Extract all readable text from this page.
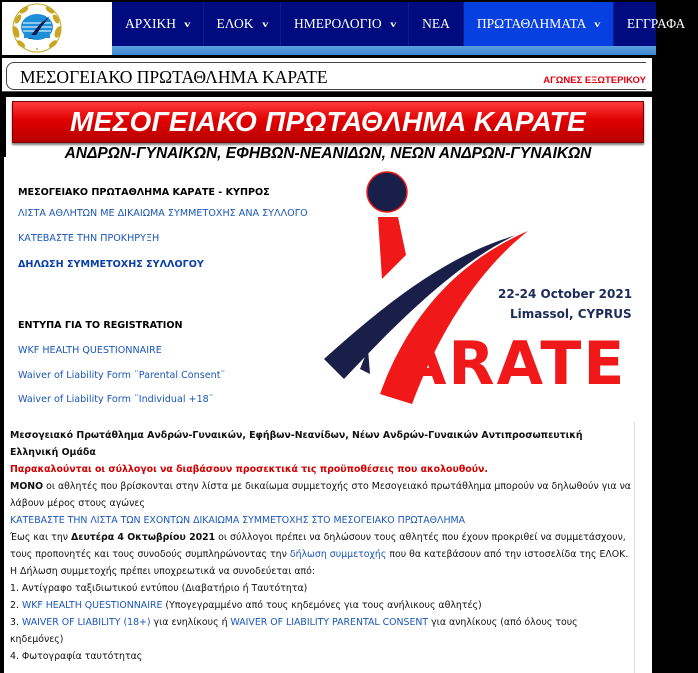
ΑΡΧΙΚΗ v ΕΛΟΚ v ΗΜΕΡΟΛΟΓΙΟ v ΝΕΑ ΠΡΩΤΑΘΛΗΜΑΤΑ v ΕΓΓΡΑΦΑ
ΜΕΣΟΓΕΙΑΚΟ ΠΡΩΤΑΘΛΗΜΑ ΚΑΡΑΤΕ	ΑΓΩΝΕΣ ΕΞΩΤΕΡΙΚΟΥ
ΜΕΣΟΓΕΙΑΚΟ ΠΡΩΤΑΘΛΗΜΑ ΚΑΡΑΤΕ
ΑΝΔΡΩΝ-ΓΥΝΑΙΚΩΝ, ΕΦΗΒΩΝ-ΝΕΑΝΙΔΩΝ, ΝΕΩΝ ΑΝΔΡΩΝ-ΓΥΝΑΙΚΩΝ
ΜΕΣΟΓΕΙΑΚΟ ΠΡΩΤΑΘΛΗΜΑ ΚΑΡΑΤΕ - ΚΥΠΡΟΣ
ΛΙΣΤΑ ΑΘΛΗΤΩΝ ΜΕ ΔΙΚΑΙΩΜΑ ΣΥΜΜΕΤΟΧΗΣ ΑΝΑ ΣΥΛΛΟΓΟ
ΚΑΤΕΒΑΣΤΕ ΤΗΝ ΠΡΟΚΗΡΥΞΗ
ΔΗΛΩΣΗ ΣΥΜΜΕΤΟΧΗΣ ΣΥΛΛΟΓΟΥ
ΕΝΤΥΠΑ ΓΙΑ ΤΟ REGISTRATION
WKF HEALTH QUESTIONNAIRE
Waiver of Liability Form ¨Parental Consent¨
Waiver of Liability Form ¨Individual +18¨
22-24 October 2021
Limassol, CYPRUS
ARATE

Μεσογειακό Πρωτάθλημα Ανδρών-Γυναικών, Εφήβων-Νεανίδων, Νέων Ανδρών-Γυναικών Αντιπροσωπευτική Ελληνική Ομάδα

Παρακαλούνται οι σύλλογοι να διαβάσουν προσεκτικά τις προϋποθέσεις που ακολουθούν.

ΜΟΝΟ οι αθλητές που βρίσκονται στην λίστα με δικαίωμα συμμετοχής στο Μεσογειακό πρωτάθλημα μπορούν να δηλωθούν για να λάβουν μέρος στους αγώνες

ΚΑΤΕΒΑΣΤΕ ΤΗΝ ΛΙΣΤΑ ΤΩΝ ΕΧΟΝΤΩΝ ΔΙΚΑΙΩΜΑ ΣΥΜΜΕΤΟΧΗΣ ΣΤΟ ΜΕΣΟΓΕΙΑΚΟ ΠΡΩΤΑΘΛΗΜΑ

Έως και την Δευτέρα 4 Οκτωβρίου 2021 οι σύλλογοι πρέπει να δηλώσουν τους αθλητές που έχουν προκριθεί να συμμετάσχουν, τους προπονητές και τους συνοδούς συμπληρώνοντας την δήλωση συμμετοχής που θα κατεβάσουν από την ιστοσελίδα της ΕΛΟΚ. Η Δήλωση συμμετοχής πρέπει υποχρεωτικά να συνοδεύεται από:

1. Αντίγραφο ταξιδιωτικού εντύπου (Διαβατήριο ή Ταυτότητα)

2. WKF HEALTH QUESTIONNAIRE (Υπογεγραμμένο από τους κηδεμόνες για τους ανήλικους αθλητές)

3. WAIVER OF LIABILITY (18+) για ενηλίκους ή WAIVER OF LIABILITY PARENTAL CONSENT για ανηλίκους (από όλους τους κηδεμόνες)

4. Φωτογραφία ταυτότητας
